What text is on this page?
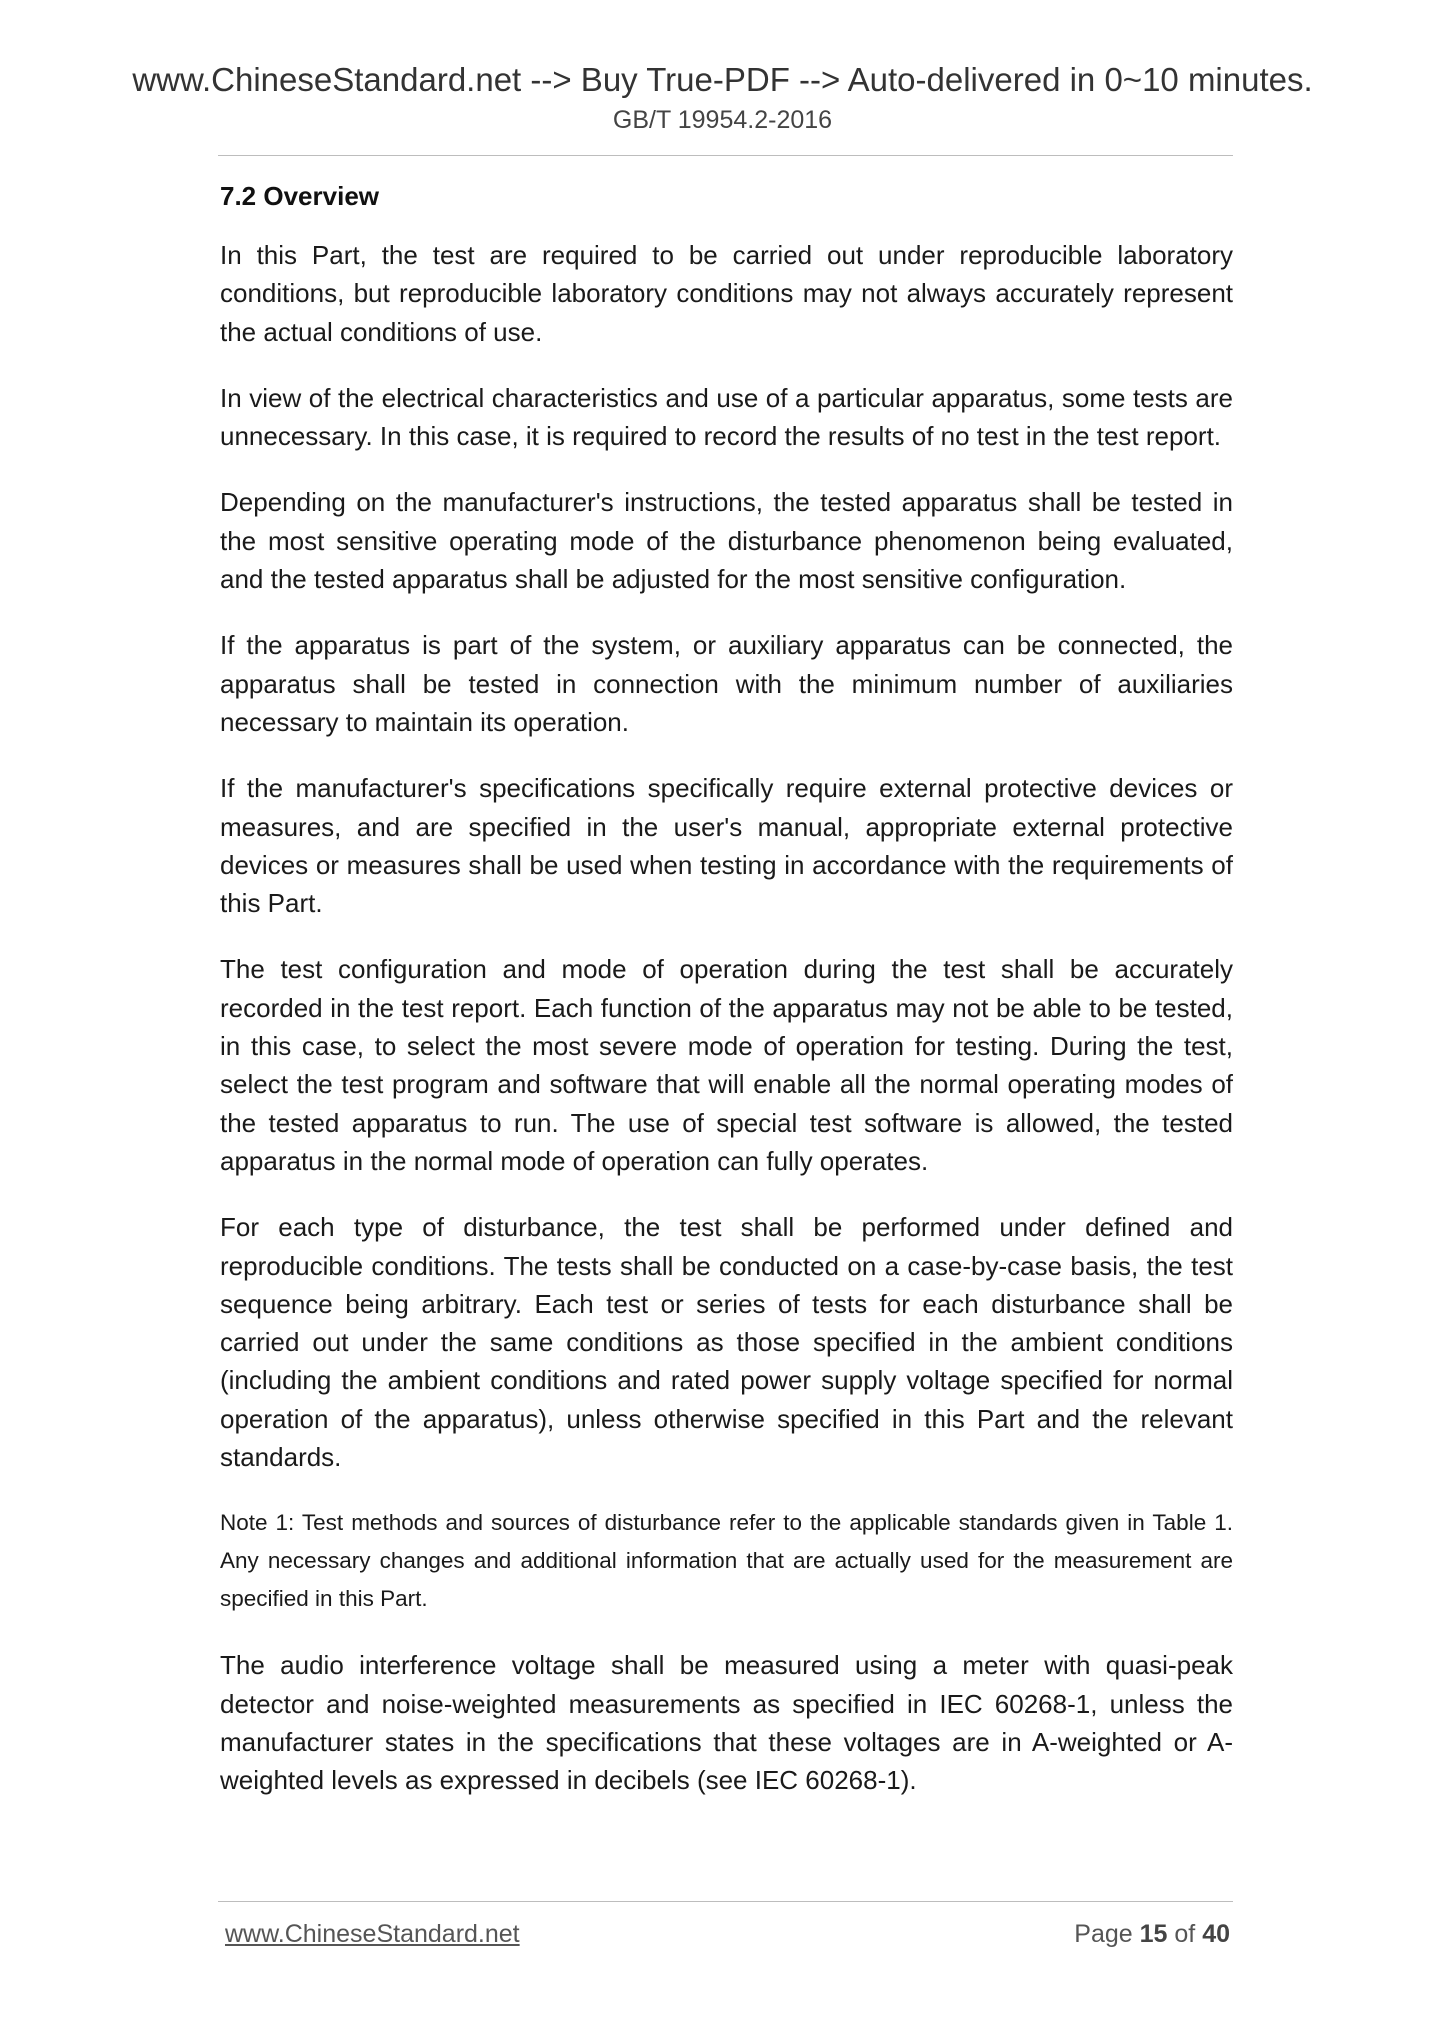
www.ChineseStandard.net --> Buy True-PDF --> Auto-delivered in 0~10 minutes.
GB/T 19954.2-2016
7.2 Overview

In this Part, the test are required to be carried out under reproducible laboratory conditions, but reproducible laboratory conditions may not always accurately represent the actual conditions of use.

In view of the electrical characteristics and use of a particular apparatus, some tests are unnecessary. In this case, it is required to record the results of no test in the test report.

Depending on the manufacturer's instructions, the tested apparatus shall be tested in the most sensitive operating mode of the disturbance phenomenon being evaluated, and the tested apparatus shall be adjusted for the most sensitive configuration.

If the apparatus is part of the system, or auxiliary apparatus can be connected, the apparatus shall be tested in connection with the minimum number of auxiliaries necessary to maintain its operation.

If the manufacturer's specifications specifically require external protective devices or measures, and are specified in the user's manual, appropriate external protective devices or measures shall be used when testing in accordance with the requirements of this Part.

The test configuration and mode of operation during the test shall be accurately recorded in the test report. Each function of the apparatus may not be able to be tested, in this case, to select the most severe mode of operation for testing. During the test, select the test program and software that will enable all the normal operating modes of the tested apparatus to run. The use of special test software is allowed, the tested apparatus in the normal mode of operation can fully operates.

For each type of disturbance, the test shall be performed under defined and reproducible conditions. The tests shall be conducted on a case-by-case basis, the test sequence being arbitrary. Each test or series of tests for each disturbance shall be carried out under the same conditions as those specified in the ambient conditions (including the ambient conditions and rated power supply voltage specified for normal operation of the apparatus), unless otherwise specified in this Part and the relevant standards.

Note 1: Test methods and sources of disturbance refer to the applicable standards given in Table 1. Any necessary changes and additional information that are actually used for the measurement are specified in this Part.

The audio interference voltage shall be measured using a meter with quasi-peak detector and noise-weighted measurements as specified in IEC 60268-1, unless the manufacturer states in the specifications that these voltages are in A-weighted or A-weighted levels as expressed in decibels (see IEC 60268-1).

www.ChineseStandard.net	Page 15 of 40
